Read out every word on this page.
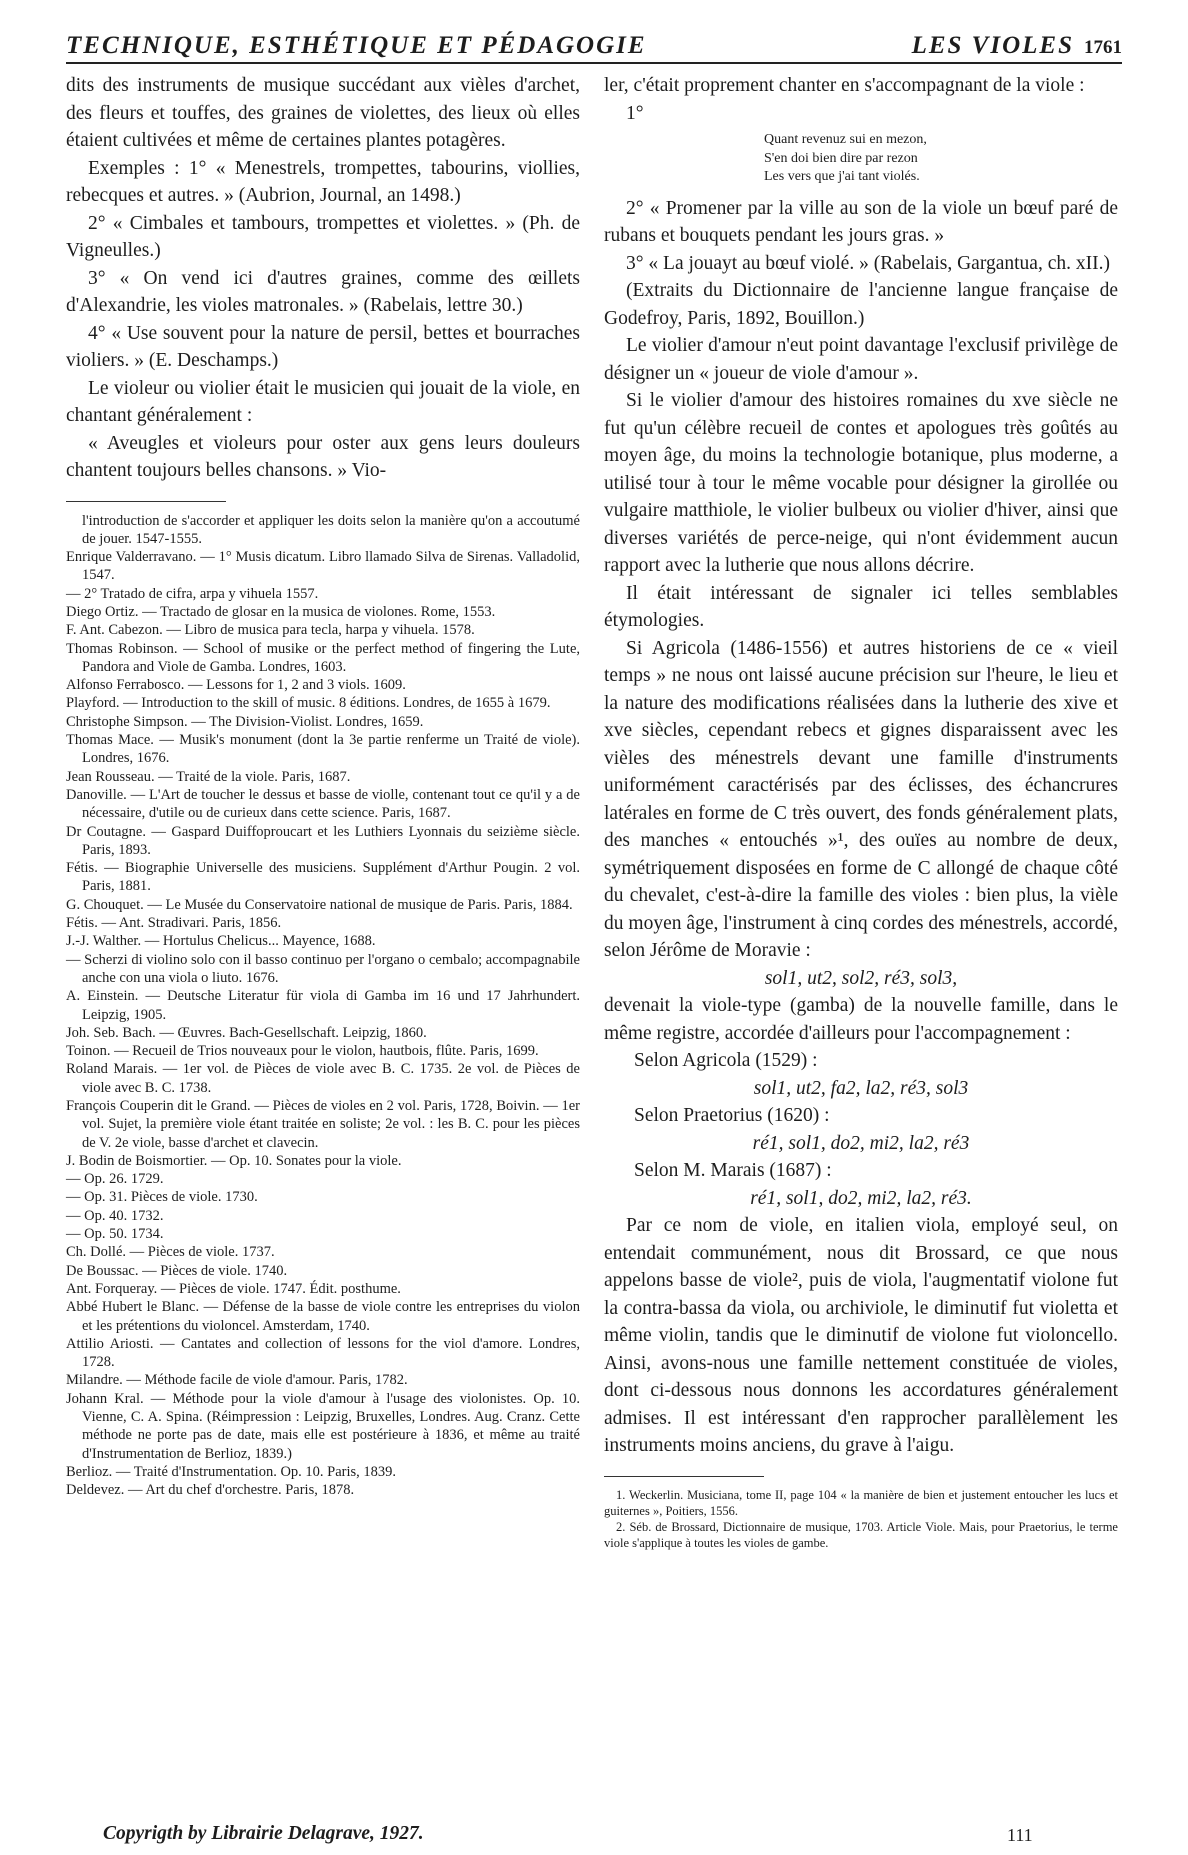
TECHNIQUE, ESTHÉTIQUE ET PÉDAGOGIE	LES VIOLES 1761

dits des instruments de musique succédant aux vièles d'archet, des fleurs et touffes, des graines de violettes, des lieux où elles étaient cultivées et même de certaines plantes potagères.

Exemples : 1° « Menestrels, trompettes, tabourins, viollies, rebecques et autres. » (Aubrion, Journal, an 1498.)

2° « Cimbales et tambours, trompettes et violettes. » (Ph. de Vigneulles.)

3° « On vend ici d'autres graines, comme des œillets d'Alexandrie, les violes matronales. » (Rabelais, lettre 30.)

4° « Use souvent pour la nature de persil, bettes et bourraches violiers. » (E. Deschamps.)

Le violeur ou violier était le musicien qui jouait de la viole, en chantant généralement :

« Aveugles et violeurs pour oster aux gens leurs douleurs chantent toujours belles chansons. » Vio-

l'introduction de s'accorder et appliquer les doits selon la manière qu'on a accoutumé de jouer. 1547-1555.

Enrique Valderravano. — 1° Musis dicatum. Libro llamado Silva de Sirenas. Valladolid, 1547.

— 2° Tratado de cifra, arpa y vihuela 1557.

Diego Ortiz. — Tractado de glosar en la musica de violones. Rome, 1553.

F. Ant. Cabezon. — Libro de musica para tecla, harpa y vihuela. 1578.

Thomas Robinson. — School of musike or the perfect method of fingering the Lute, Pandora and Viole de Gamba. Londres, 1603.

Alfonso Ferrabosco. — Lessons for 1, 2 and 3 viols. 1609.

Playford. — Introduction to the skill of music. 8 éditions. Londres, de 1655 à 1679.

Christophe Simpson. — The Division-Violist. Londres, 1659.

Thomas Mace. — Musik's monument (dont la 3e partie renferme un Traité de viole). Londres, 1676.

Jean Rousseau. — Traité de la viole. Paris, 1687.

Danoville. — L'Art de toucher le dessus et basse de violle, contenant tout ce qu'il y a de nécessaire, d'utile ou de curieux dans cette science. Paris, 1687.

Dr Coutagne. — Gaspard Duiffoproucart et les Luthiers Lyonnais du seizième siècle. Paris, 1893.

Fétis. — Biographie Universelle des musiciens. Supplément d'Arthur Pougin. 2 vol. Paris, 1881.

G. Chouquet. — Le Musée du Conservatoire national de musique de Paris. Paris, 1884.

Fétis. — Ant. Stradivari. Paris, 1856.

J.-J. Walther. — Hortulus Chelicus... Mayence, 1688.

— Scherzi di violino solo con il basso continuo per l'organo o cembalo; accompagnabile anche con una viola o liuto. 1676.

A. Einstein. — Deutsche Literatur für viola di Gamba im 16 und 17 Jahrhundert. Leipzig, 1905.

Joh. Seb. Bach. — Œuvres. Bach-Gesellschaft. Leipzig, 1860.

Toinon. — Recueil de Trios nouveaux pour le violon, hautbois, flûte. Paris, 1699.

Roland Marais. — 1er vol. de Pièces de viole avec B. C. 1735. 2e vol. de Pièces de viole avec B. C. 1738.

François Couperin dit le Grand. — Pièces de violes en 2 vol. Paris, 1728, Boivin. — 1er vol. Sujet, la première viole étant traitée en soliste; 2e vol. : les B. C. pour les pièces de V. 2e viole, basse d'archet et clavecin.

J. Bodin de Boismortier. — Op. 10. Sonates pour la viole.

— Op. 26. 1729.

— Op. 31. Pièces de viole. 1730.

— Op. 40. 1732.

— Op. 50. 1734.

Ch. Dollé. — Pièces de viole. 1737.

De Boussac. — Pièces de viole. 1740.

Ant. Forqueray. — Pièces de viole. 1747. Édit. posthume.

Abbé Hubert le Blanc. — Défense de la basse de viole contre les entreprises du violon et les prétentions du violoncel. Amsterdam, 1740.

Attilio Ariosti. — Cantates and collection of lessons for the viol d'amore. Londres, 1728.

Milandre. — Méthode facile de viole d'amour. Paris, 1782.

Johann Kral. — Méthode pour la viole d'amour à l'usage des violonistes. Op. 10. Vienne, C. A. Spina. (Réimpression : Leipzig, Bruxelles, Londres. Aug. Cranz. Cette méthode ne porte pas de date, mais elle est postérieure à 1836, et même au traité d'Instrumentation de Berlioz, 1839.)

Berlioz. — Traité d'Instrumentation. Op. 10. Paris, 1839.

Deldevez. — Art du chef d'orchestre. Paris, 1878.

ler, c'était proprement chanter en s'accompagnant de la viole :

1°

Quant revenuz sui en mezon,
S'en doi bien dire par rezon
Les vers que j'ai tant violés.

2° « Promener par la ville au son de la viole un bœuf paré de rubans et bouquets pendant les jours gras. »

3° « La jouayt au bœuf violé. » (Rabelais, Gargantua, ch. xII.)

(Extraits du Dictionnaire de l'ancienne langue française de Godefroy, Paris, 1892, Bouillon.)

Le violier d'amour n'eut point davantage l'exclusif privilège de désigner un « joueur de viole d'amour ».

Si le violier d'amour des histoires romaines du xve siècle ne fut qu'un célèbre recueil de contes et apologues très goûtés au moyen âge, du moins la technologie botanique, plus moderne, a utilisé tour à tour le même vocable pour désigner la girollée ou vulgaire matthiole, le violier bulbeux ou violier d'hiver, ainsi que diverses variétés de perce-neige, qui n'ont évidemment aucun rapport avec la lutherie que nous allons décrire.

Il était intéressant de signaler ici telles semblables étymologies.

Si Agricola (1486-1556) et autres historiens de ce « vieil temps » ne nous ont laissé aucune précision sur l'heure, le lieu et la nature des modifications réalisées dans la lutherie des xive et xve siècles, cependant rebecs et gignes disparaissent avec les vièles des ménestrels devant une famille d'instruments uniformément caractérisés par des éclisses, des échancrures latérales en forme de C très ouvert, des fonds généralement plats, des manches « entouchés »¹, des ouïes au nombre de deux, symétriquement disposées en forme de C allongé de chaque côté du chevalet, c'est-à-dire la famille des violes : bien plus, la vièle du moyen âge, l'instrument à cinq cordes des ménestrels, accordé, selon Jérôme de Moravie :

sol1, ut2, sol2, ré3, sol3,

devenait la viole-type (gamba) de la nouvelle famille, dans le même registre, accordée d'ailleurs pour l'accompagnement :

Selon Agricola (1529) :

sol1, ut2, fa2, la2, ré3, sol3

Selon Praetorius (1620) :

ré1, sol1, do2, mi2, la2, ré3

Selon M. Marais (1687) :

ré1, sol1, do2, mi2, la2, ré3.

Par ce nom de viole, en italien viola, employé seul, on entendait communément, nous dit Brossard, ce que nous appelons basse de viole², puis de viola, l'augmentatif violone fut la contra-bassa da viola, ou archiviole, le diminutif fut violetta et même violin, tandis que le diminutif de violone fut violoncello. Ainsi, avons-nous une famille nettement constituée de violes, dont ci-dessous nous donnons les accordatures généralement admises. Il est intéressant d'en rapprocher parallèlement les instruments moins anciens, du grave à l'aigu.

1. Weckerlin. Musiciana, tome II, page 104 « la manière de bien et justement entoucher les lucs et guiternes », Poitiers, 1556.

2. Séb. de Brossard, Dictionnaire de musique, 1703. Article Viole. Mais, pour Praetorius, le terme viole s'applique à toutes les violes de gambe.

Copyrigth by Librairie Delagrave, 1927.	111
